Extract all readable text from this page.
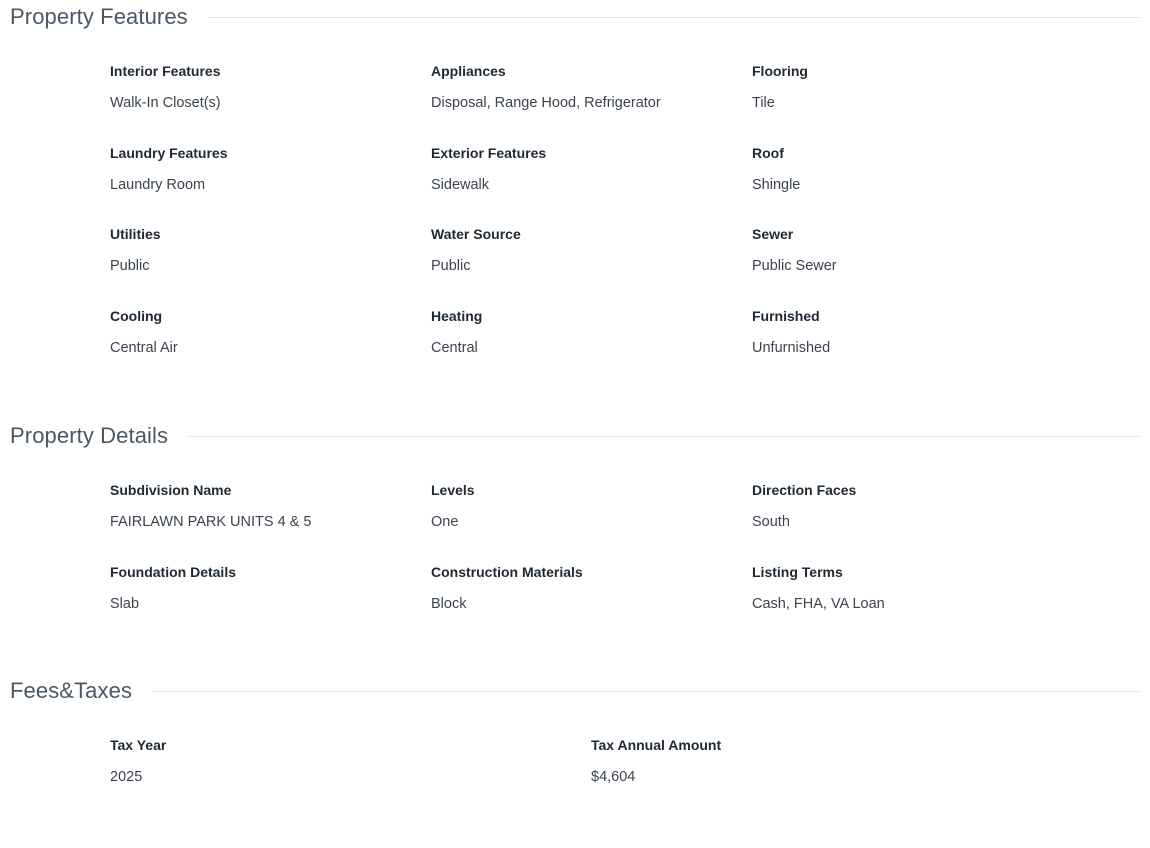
Property Features
Interior Features
Walk-In Closet(s)
Appliances
Disposal, Range Hood, Refrigerator
Flooring
Tile
Laundry Features
Laundry Room
Exterior Features
Sidewalk
Roof
Shingle
Utilities
Public
Water Source
Public
Sewer
Public Sewer
Cooling
Central Air
Heating
Central
Furnished
Unfurnished
Property Details
Subdivision Name
FAIRLAWN PARK UNITS 4 & 5
Levels
One
Direction Faces
South
Foundation Details
Slab
Construction Materials
Block
Listing Terms
Cash, FHA, VA Loan
Fees&Taxes
Tax Year
2025
Tax Annual Amount
$4,604
